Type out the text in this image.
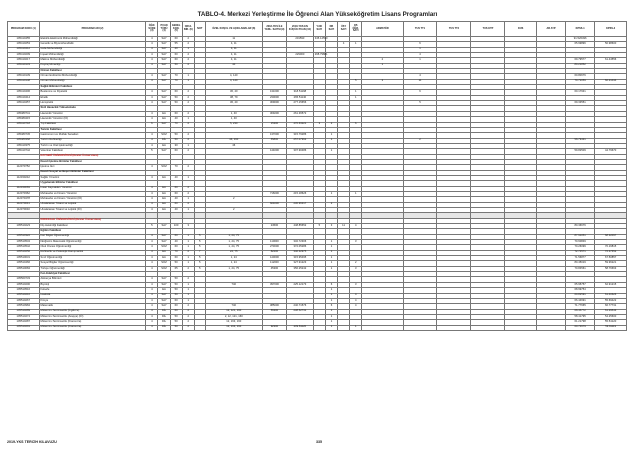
TABLO-4. Merkezi Yerleştirme İle Öğrenci Alan Yükseköğretim Lisans Programları
PROGRAM KODU (1)	PROGRAM ADI (2)	ÖĞR. SÜRE (3)	PUAN TÜRÜ (4)	GENEL KON. (5)	OKUL BİR. (6)	NOT	ÖZEL KOŞUL VE AÇIKLAMALAR (8)	2018-YKS İLE YERL. SAYISI (9)	2018-YKS EN KÜÇÜK PUAN (10)	Y.OK SAYI	DB SAYI	ÜSY SAYI	ÇB ÖĞR. SAYI	ARMATÖR	TUS TT1	TUS TT2	TUS KTP	DUS	AB AYP	KPSS-1	KPSS-2
105410455	Elektrik-Elektronik Mühendisliği	4	SAY	60	2		11		201593	345.14590										91.526496	
105410253	Genetik ve Biyomühendislik	4	SAY	55	2		4, 11					4	1		6					65.99896	50.98600
105410412	Gıda Mühendisliği	4	SAY	20	1		4, 11								1						
105410209	İnşaat Mühendisliği	4	SAY	60	2		4, 11		229000	268.79881					4						
105410217	Makine Mühendisliği	4	SAY	60	2		4, 11							2	1					69.79577	61.44556
105410133	Peyzaj Mimarlığı	4	SAY	50	2		40							1						80.21852	
	Orman Fakültesi																				
105410139	Orman Endüstrisi Mühendisliği	4	SAY	70	1		4, 140								4					60.80676	
105410148	Orman Mühendisliği	4	SAY	70	1		4, 140						5	3	11					70.72059	60.21044
	Sağlık Bilimleri Fakültesi																				
105410406	Beslenme ve Diyetetik	4	SAY	60	2		36, 40	131000	318.51198				1		6					60.17931	
105410414	Ebelik	4	SAY	50	2		38, 79	230000	265.51140				1								
105410457	Hemşirelik	4	SAY	50	2		36, 40	309000	277.15656						5					69.33551	
	Sivil Havacılık Yüksekokulu																				
105480741	Havacılık Yönetimi	4	EA	60	2		1, 40	309200	261.36572												
105480415	Havacılık Yönetimi (İÖ)	4	EA	40	1		1, 40														
105410718	Tıp Fakültesi	6	SAY	70	2		5, 230	15300	470.63221	3	2		6								
	Turizm Fakültesi																				
105480745	Gastronomi ve Mutfak Sanatları	4	SÖZ	50	2			137000	315.79286		1										
105480368	Turizm Rehberliği	4	DİL	50	2		46, 160	55800	257.07962		1				2					58.79431	
105410375	Turizm ve Otel İşletmeciliği	4	EA	30	1		46														
105410742	Veteriner Fakültesi	5	SAY	60	2			144000	307.90486		1									59.82509	44.79670
	KAYSERİ ÜNİVERSİTESİ (Devlet Üniversitesi)																				
	Develi İşletme Birimler Fakültesi																				
112370752	İşletme İleri	4	SÖZ	70	2																
	Develi Sosyal ve Beşeri Bilimler Fakültesi																				
112330242	Sağlık Yönetimi	4	EA	40	1																
	Uygulamalı Bilimler Fakültesi																				
112330069	İnsan Kaynakları Yönetimi	4	EA	60	2																
112370362	Muhasebe ve Finans Yönetimi	4	EA	60	2			716000	215.18626		1		1								
112370478	Muhasebe ve Finans Yönetimi (İÖ)	4	EA	40	1		2														
112370041	Uluslararası Ticaret ve Lojistik	4	EA	60	2			604000	230.96317		2										
112370040	Uluslararası Ticaret ve Lojistik (İÖ)	4	EA	40	1		2														

	KIRIKKALE ÜNİVERSİTESİ (Devlet Üniversitesi)																				
105510223	Diş Hekimliği Fakültesi	5	SAY	100	3			24500	448.85652	5	3	11	4							80.36676	
	Eğitim Fakültesi																				
105510322	Fen Bilgisi Öğretmenliği	4	SAY	60	1	5	1, 24, 75													87.91051	68.32097
105510534	İlköğretim Matematik Öğretmenliği	4	SAY	40	1	5	1, 24, 75	110000	332.72306		1		3							70.60849	
105510542	Okul Öncesi Öğretmenliği	4	SÖZ	60	1	5	1, 24, 75	273000	372.05286		1									70.26099	70.16815
105510256	Rehberlik ve Psikolojik Danışmanlık	4	EA	70	2	7	24, 75	82200	340.32975		1									72.74571	72.37652
105510031	Sınıf Öğretmenliği	4	EA	60	1	5	1, 24	140000	315.95495		1									71.56877	67.50857
105510466	Sosyal Bilgiler Öğretmenliği	4	SÖZ	50	1	5	1, 24	112000	327.91223		1		2							80.45019	59.96221
105510084	Türkçe Öğretmenliği	4	SÖZ	65	2	5	1, 24, 75	45300	356.25242		1		3							70.84561	58.76663
	Fen-Edebiyat Fakültesi																				
105560733	Aktüerya Bilimleri	4	SAY	50	2																
105510200	Biyoloji	4	SAY	50	1		740	397000	225.12173		6		3							65.95757	62.91215
105510516	Felsefe	4	EA	50	1						1									68.99754	
105510216	İstatistik	4	SAY	50	1						1		4							60.82591	61.40626
105510267	Kimya	4	SAY	60	1						1		4							66.44691	55.69422
105510984	Matematik	4	SAY	60	2		740	385000	240.71576		6		4							71.77665	66.77731
105510289	Mütercim-Tercümanlık (İngilizce)	4	DİL	60	2		12, 121, 160	56300	238.52731		1									68.45772	61.29543
105510274	Mütercim-Tercümanlık (Arapça) (İÖ)	4	DİL	50	2		2, 12, 121, 160				1									58.41795	54.25600
105510287	Mütercim-Tercümanlık (Fransızca)	4	DİL	50	2		12, 163, 160				1									61.21798	55.54120
105510291	Mütercim-Tercümanlık (Fransızca)	4	DİL	50	2		12, 163, 160	92300	209.81120		1		1							60.74679	59.91119
2019-YKS TERCİH KILAVUZU	335
